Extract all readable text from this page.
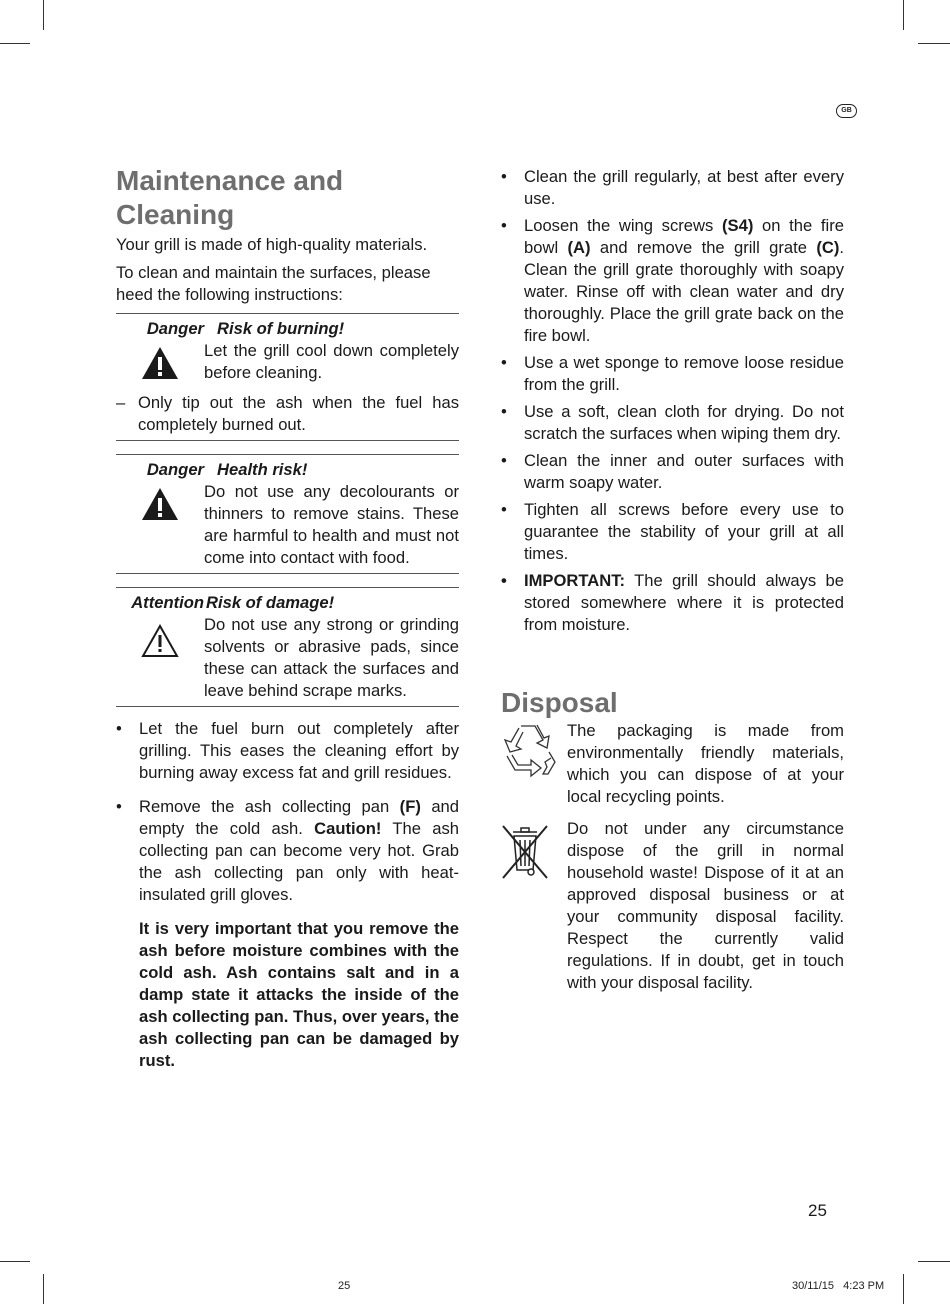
GB
Maintenance and Cleaning

Your grill is made of high-quality materials.

To clean and maintain the surfaces, please heed the following instructions:

Danger Risk of burning!

Let the grill cool down completely before cleaning.

– Only tip out the ash when the fuel has completely burned out.
Danger Health risk!

Do not use any decolourants or thinners to remove stains. These are harmful to health and must not come into contact with food.

Attention Risk of damage!

Do not use any strong or grinding solvents or abrasive pads, since these can attack the surfaces and leave behind scrape marks.

•	Let the fuel burn out completely after grilling. This eases the cleaning effort by burning away excess fat and grill residues.
•	Remove the ash collecting pan (F) and empty the cold ash. Caution! The ash collecting pan can become very hot. Grab the ash collecting pan only with heat-insulated grill gloves.

It is very important that you remove the ash before moisture combines with the cold ash. Ash contains salt and in a damp state it attacks the inside of the ash collecting pan. Thus, over years, the ash collecting pan can be damaged by rust.

•	Clean the grill regularly, at best after every use.
•	Loosen the wing screws (S4) on the fire bowl (A) and remove the grill grate (C). Clean the grill grate thoroughly with soapy water. Rinse off with clean water and dry thoroughly. Place the grill grate back on the fire bowl.
•	Use a wet sponge to remove loose residue from the grill.
•	Use a soft, clean cloth for drying. Do not scratch the surfaces when wiping them dry.
•	Clean the inner and outer surfaces with warm soapy water.
•	Tighten all screws before every use to guarantee the stability of your grill at all times.
•	IMPORTANT: The grill should always be stored somewhere where it is protected from moisture.
Disposal

The packaging is made from environmentally friendly materials, which you can dispose of at your local recycling points.

Do not under any circumstance dispose of the grill in normal household waste! Dispose of it at an approved disposal business or at your community disposal facility. Respect the currently valid regulations. If in doubt, get in touch with your disposal facility.

25
25	30/11/15   4:23 PM
